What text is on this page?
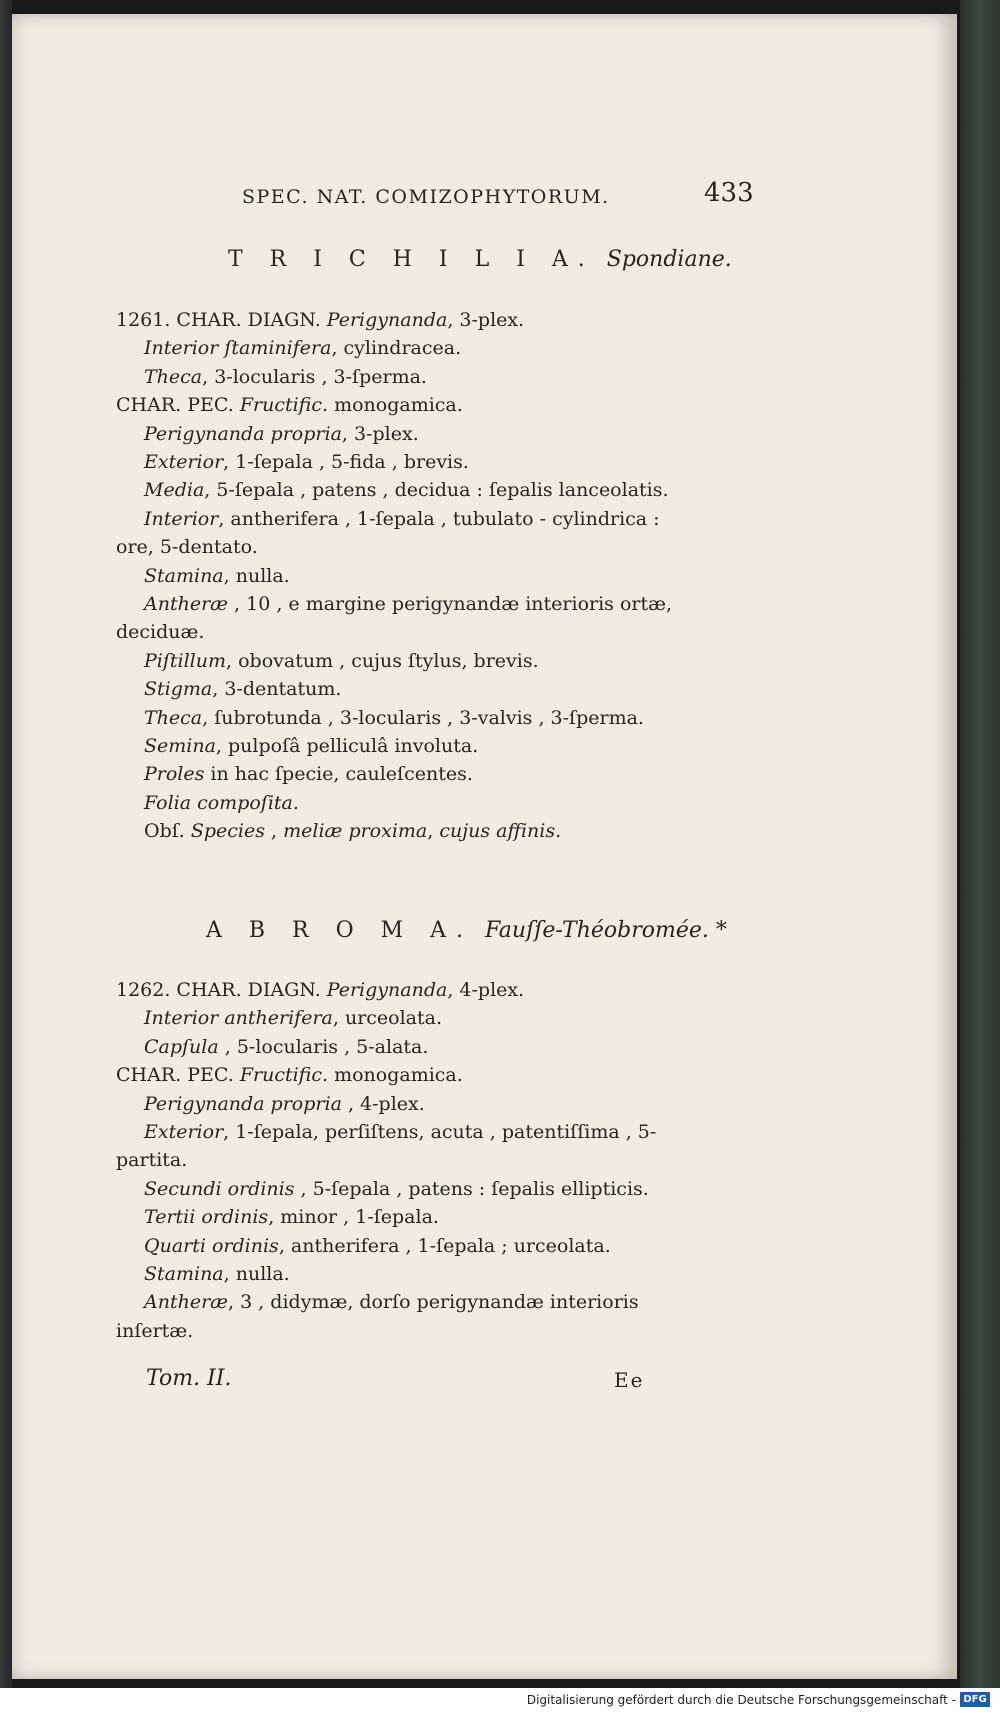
SPEC. NAT. COMIZOPHYTORUM.	433
T R I C H I L I A. Spondiane.
1261. CHAR. DIAGN. Perigynanda, 3-plex.
Interior ſtaminifera, cylindracea.
Theca, 3-locularis , 3-ſperma.
CHAR. PEC. Fructific. monogamica.
Perigynanda propria, 3-plex.
Exterior, 1-ſepala , 5-fida , brevis.
Media, 5-ſepala , patens , decidua : ſepalis lanceolatis.
Interior, antherifera , 1-ſepala , tubulato - cylindrica :
ore, 5-dentato.
Stamina, nulla.
Antheræ , 10 , e margine perigynandæ interioris ortæ,
deciduæ.
Piſtillum, obovatum , cujus ſtylus, brevis.
Stigma, 3-dentatum.
Theca, ſubrotunda , 3-locularis , 3-valvis , 3-ſperma.
Semina, pulpoſâ pelliculâ involuta.
Proles in hac ſpecie, cauleſcentes.
Folia compoſita.
Obſ. Species , meliæ proxima, cujus affinis.
A B R O M A. Fauſſe-Théobromée. *
1262. CHAR. DIAGN. Perigynanda, 4-plex.
Interior antherifera, urceolata.
Capſula , 5-locularis , 5-alata.
CHAR. PEC. Fructific. monogamica.
Perigynanda propria , 4-plex.
Exterior, 1-ſepala, perſiſtens, acuta , patentiſſima , 5-
partita.
Secundi ordinis , 5-ſepala , patens : ſepalis ellipticis.
Tertii ordinis, minor , 1-ſepala.
Quarti ordinis, antherifera , 1-ſepala ; urceolata.
Stamina, nulla.
Antheræ, 3 , didymæ, dorſo perigynandæ interioris
inſertæ.
Tom. II.	Ee
Digitalisierung gefördert durch die Deutsche Forschungsgemeinschaft - DFG
